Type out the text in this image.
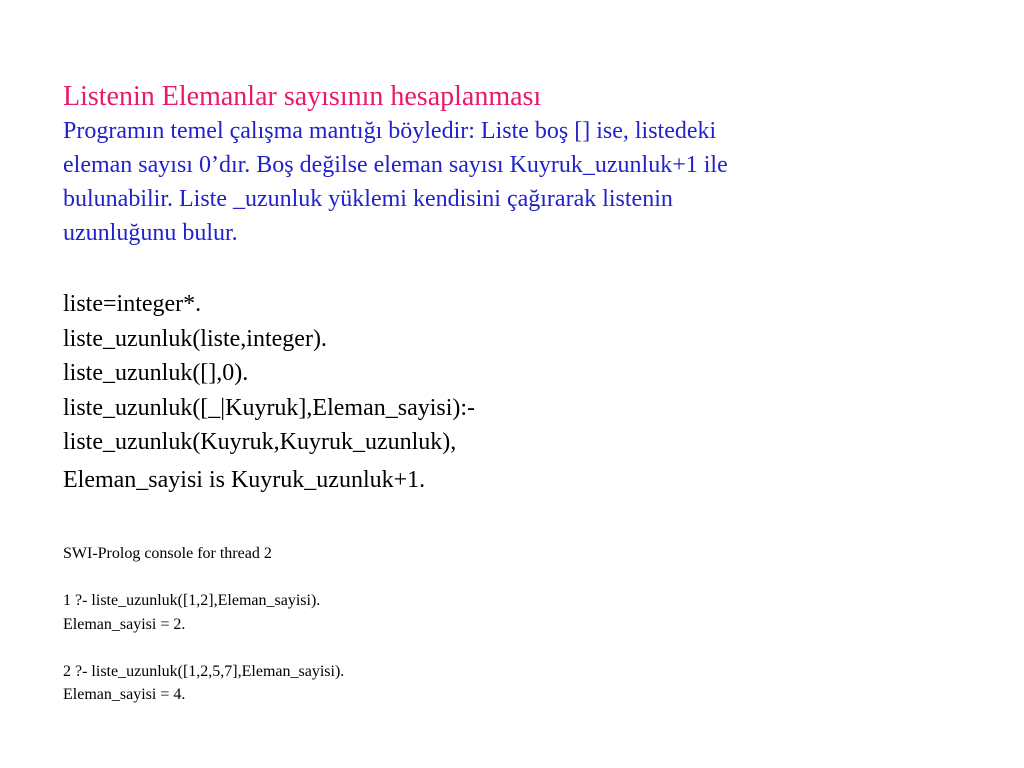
Listenin Elemanlar sayısının hesaplanması

Programın temel çalışma mantığı böyledir: Liste boş [] ise, listedeki
eleman sayısı 0’dır. Boş değilse eleman sayısı Kuyruk_uzunluk+1 ile
bulunabilir. Liste _uzunluk yüklemi kendisini çağırarak listenin
uzunluğunu bulur.

liste=integer*.
liste_uzunluk(liste,integer).
liste_uzunluk([],0).
liste_uzunluk([_|Kuyruk],Eleman_sayisi):-
liste_uzunluk(Kuyruk,Kuyruk_uzunluk),
Eleman_sayisi is Kuyruk_uzunluk+1.
SWI-Prolog console for thread 2
1 ?- liste_uzunluk([1,2],Eleman_sayisi).
Eleman_sayisi = 2.
2 ?- liste_uzunluk([1,2,5,7],Eleman_sayisi).
Eleman_sayisi = 4.
